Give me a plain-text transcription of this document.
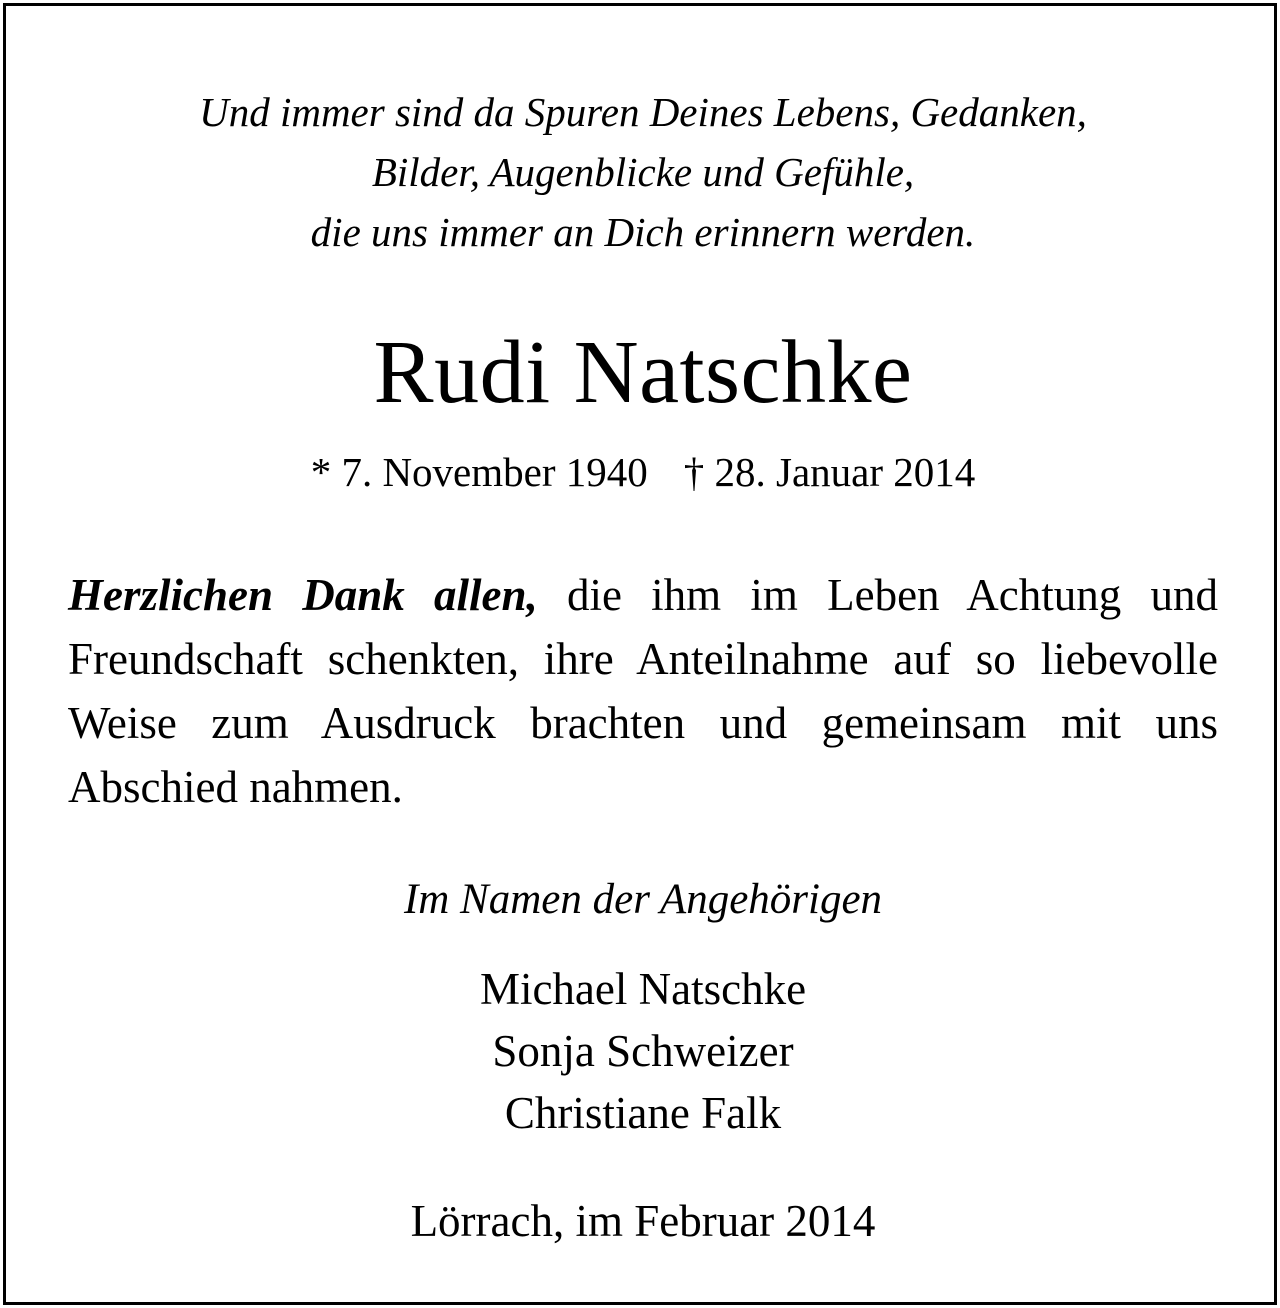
Und immer sind da Spuren Deines Lebens, Gedanken,
Bilder, Augenblicke und Gefühle,
die uns immer an Dich erinnern werden.
Rudi Natschke
* 7. November 1940 † 28. Januar 2014

Herzlichen Dank allen, die ihm im Leben Achtung und Freundschaft schenkten, ihre Anteilnahme auf so liebevolle Weise zum Ausdruck brachten und gemeinsam mit uns Abschied nahmen.

Im Namen der Angehörigen
Michael Natschke
Sonja Schweizer
Christiane Falk
Lörrach, im Februar 2014
